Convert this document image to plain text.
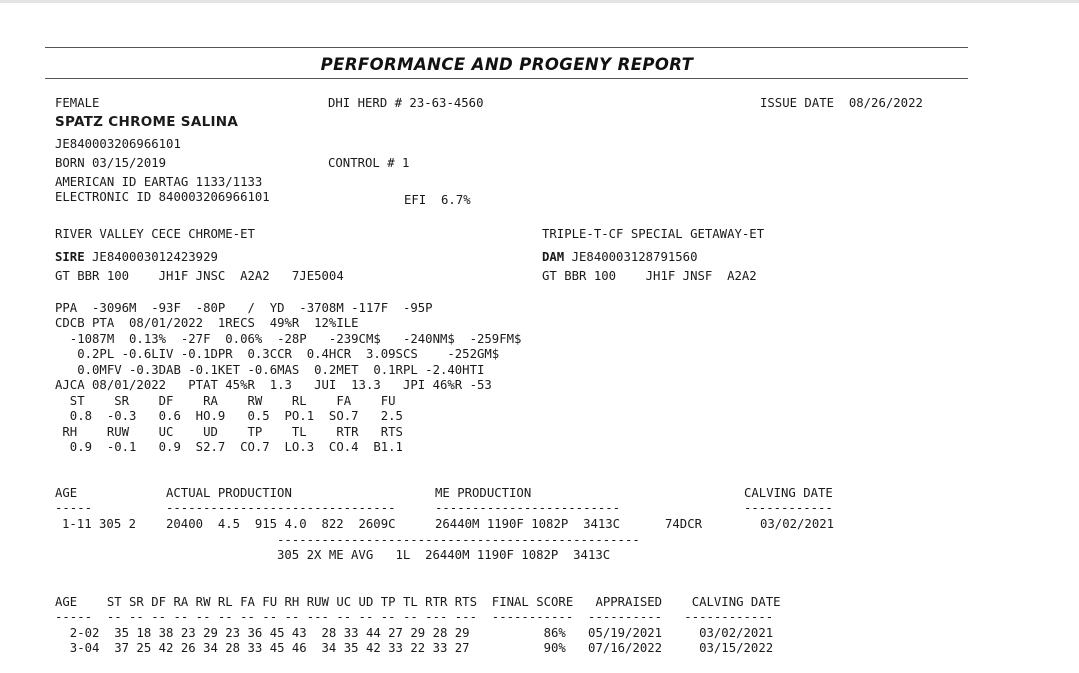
PERFORMANCE AND PROGENY REPORT
FEMALE	DHI HERD # 23-63-4560	ISSUE DATE  08/26/2022
SPATZ CHROME SALINA
JE840003206966101
BORN 03/15/2019	CONTROL # 1
AMERICAN ID EARTAG 1133/1133
ELECTRONIC ID 840003206966101	EFI  6.7%
RIVER VALLEY CECE CHROME-ET	TRIPLE-T-CF SPECIAL GETAWAY-ET
SIRE JE840003012423929	DAM JE840003128791560
GT BBR 100    JH1F JNSC  A2A2   7JE5004	GT BBR 100    JH1F JNSF  A2A2
PPA  -3096M  -93F  -80P   /  YD  -3708M -117F  -95P
CDCB PTA  08/01/2022  1RECS  49%R  12%ILE
-1087M  0.13%  -27F  0.06%  -28P   -239CM$   -240NM$  -259FM$
0.2PL -0.6LIV -0.1DPR  0.3CCR  0.4HCR  3.09SCS    -252GM$
0.0MFV -0.3DAB -0.1KET -0.6MAS  0.2MET  0.1RPL -2.40HTI
AJCA 08/01/2022   PTAT 45%R  1.3   JUI  13.3   JPI 46%R -53
ST    SR    DF    RA    RW    RL    FA    FU
0.8  -0.3   0.6  HO.9   0.5  PO.1  SO.7   2.5
RH    RUW    UC    UD    TP    TL    RTR   RTS
0.9  -0.1   0.9  S2.7  CO.7  LO.3  CO.4  B1.1
AGE	ACTUAL PRODUCTION	ME PRODUCTION	CALVING DATE
-----	-------------------------------	-------------------------	------------
1-11 305 2 20400  4.5  915 4.0  822  2609C	26440M 1190F 1082P  3413C	74DCR	03/02/2021
-------------------------------------------------
305 2X ME AVG   1L  26440M 1190F 1082P  3413C
AGE    ST SR DF RA RW RL FA FU RH RUW UC UD TP TL RTR RTS  FINAL SCORE   APPRAISED    CALVING DATE
-----  -- -- -- -- -- -- -- -- -- --- -- -- -- -- --- ---  -----------  ----------   ------------
2-02  35 18 38 23 29 23 36 45 43  28 33 44 27 29 28 29          86%   05/19/2021     03/02/2021
3-04  37 25 42 26 34 28 33 45 46  34 35 42 33 22 33 27          90%   07/16/2022     03/15/2022
